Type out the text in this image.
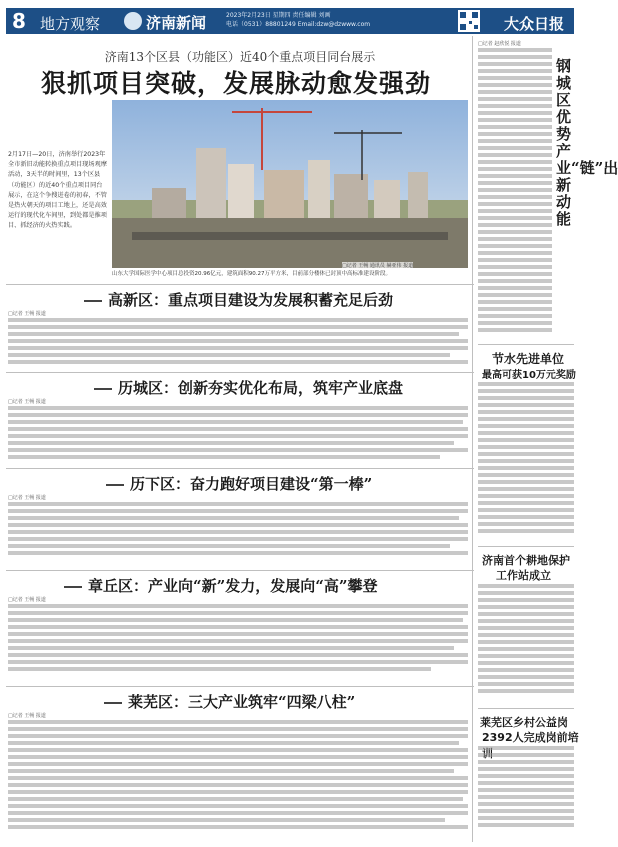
8 地方观察	济南新闻	2023年2月23日 星期四 责任编辑 刘画
电话（0531）88801249 Email:dzw@dzwww.com	大众日报
济南13个区县（功能区）近40个重点项目同台展示
狠抓项目突破，发展脉动愈发强劲
2月17日—20日，济南举行2023年全市新旧动能转换重点项目现场观摩活动，3天半的时间里，13个区县（功能区）的近40个重点项目同台展示，在这个争搜迸卷的初春，不管是热火朝天的项目工地上，还是高效运行的现代化车间里，到处都是推项目、抓经济的火热实践。
□记者 王畅 通讯员 赫亚伟 报道
山东大学国际医学中心项目总投资20.96亿元，建筑面积90.27万平方米，目前部分楼体已封顶中高标准建设阶段。
高新区：重点项目建设为发展积蓄充足后劲
□记者 王畅 报道
历城区：创新夯实优化布局，筑牢产业底盘
□记者 王畅 报道
历下区：奋力跑好项目建设“第一棒”
□记者 王畅 报道
章丘区：产业向“新”发力，发展向“高”攀登
□记者 王畅 报道
莱芜区：三大产业筑牢“四梁八柱”
□记者 王畅 报道
钢城区优势产业“链”出新动能
□记者 赵欣悦 报道
节水先进单位
最高可获10万元奖励
济南首个耕地保护
工作站成立
莱芜区乡村公益岗
2392人完成岗前培
